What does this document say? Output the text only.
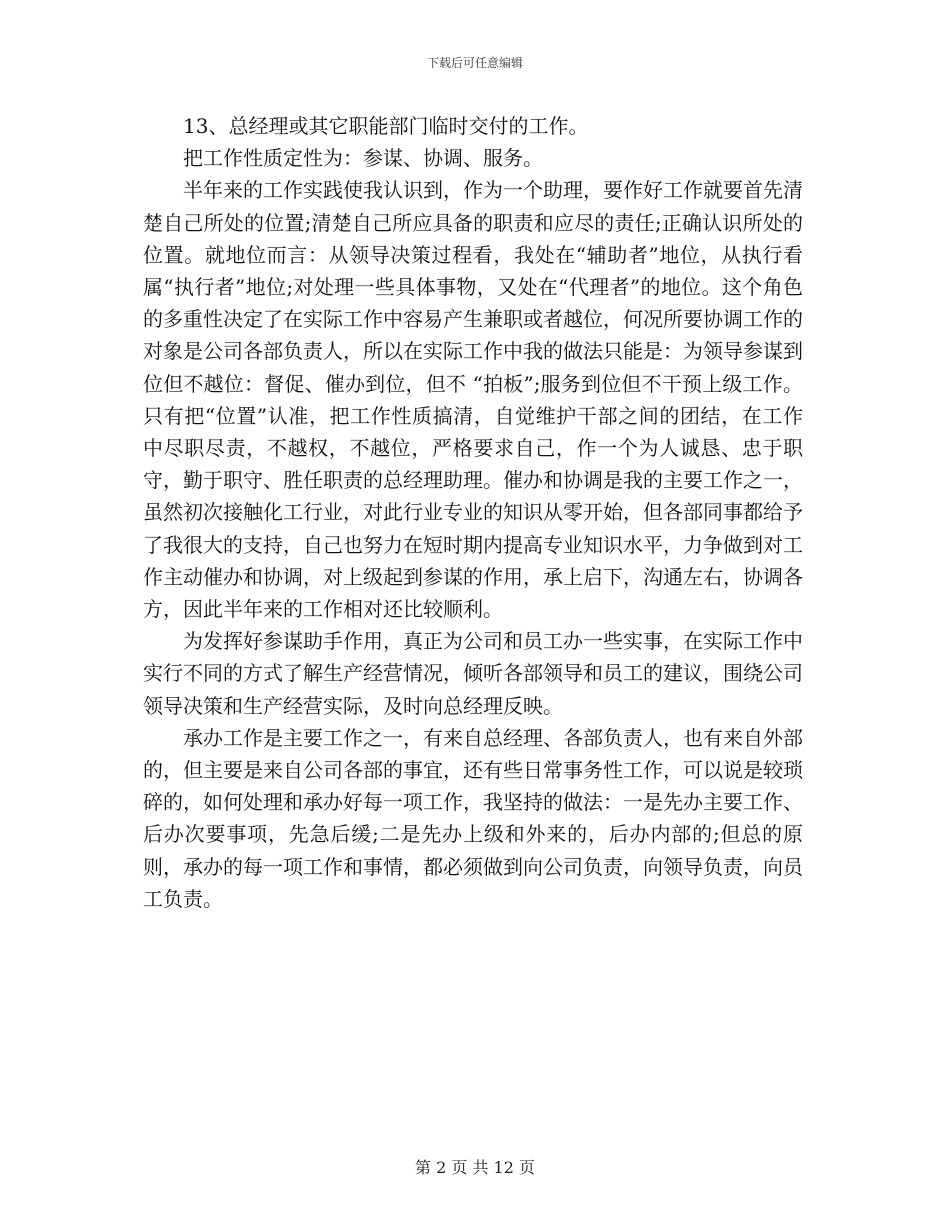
下载后可任意编辑

13、总经理或其它职能部门临时交付的工作。

把工作性质定性为：参谋、协调、服务。

半年来的工作实践使我认识到，作为一个助理，要作好工作就要首先清楚自己所处的位置;清楚自己所应具备的职责和应尽的责任;正确认识所处的位置。就地位而言：从领导决策过程看，我处在“辅助者”地位，从执行看属“执行者”地位;对处理一些具体事物，又处在“代理者”的地位。这个角色的多重性决定了在实际工作中容易产生兼职或者越位，何况所要协调工作的对象是公司各部负责人，所以在实际工作中我的做法只能是：为领导参谋到位但不越位：督促、催办到位，但不 “拍板”;服务到位但不干预上级工作。只有把“位置”认准，把工作性质搞清，自觉维护干部之间的团结，在工作中尽职尽责，不越权，不越位，严格要求自己，作一个为人诚恳、忠于职守，勤于职守、胜任职责的总经理助理。催办和协调是我的主要工作之一，虽然初次接触化工行业，对此行业专业的知识从零开始，但各部同事都给予了我很大的支持，自己也努力在短时期内提高专业知识水平，力争做到对工作主动催办和协调，对上级起到参谋的作用，承上启下，沟通左右，协调各方，因此半年来的工作相对还比较顺利。

为发挥好参谋助手作用，真正为公司和员工办一些实事，在实际工作中实行不同的方式了解生产经营情况，倾听各部领导和员工的建议，围绕公司领导决策和生产经营实际，及时向总经理反映。

承办工作是主要工作之一，有来自总经理、各部负责人，也有来自外部的，但主要是来自公司各部的事宜，还有些日常事务性工作，可以说是较琐碎的，如何处理和承办好每一项工作，我坚持的做法：一是先办主要工作、后办次要事项，先急后缓;二是先办上级和外来的，后办内部的;但总的原则，承办的每一项工作和事情，都必须做到向公司负责，向领导负责，向员工负责。

第 2 页 共 12 页
